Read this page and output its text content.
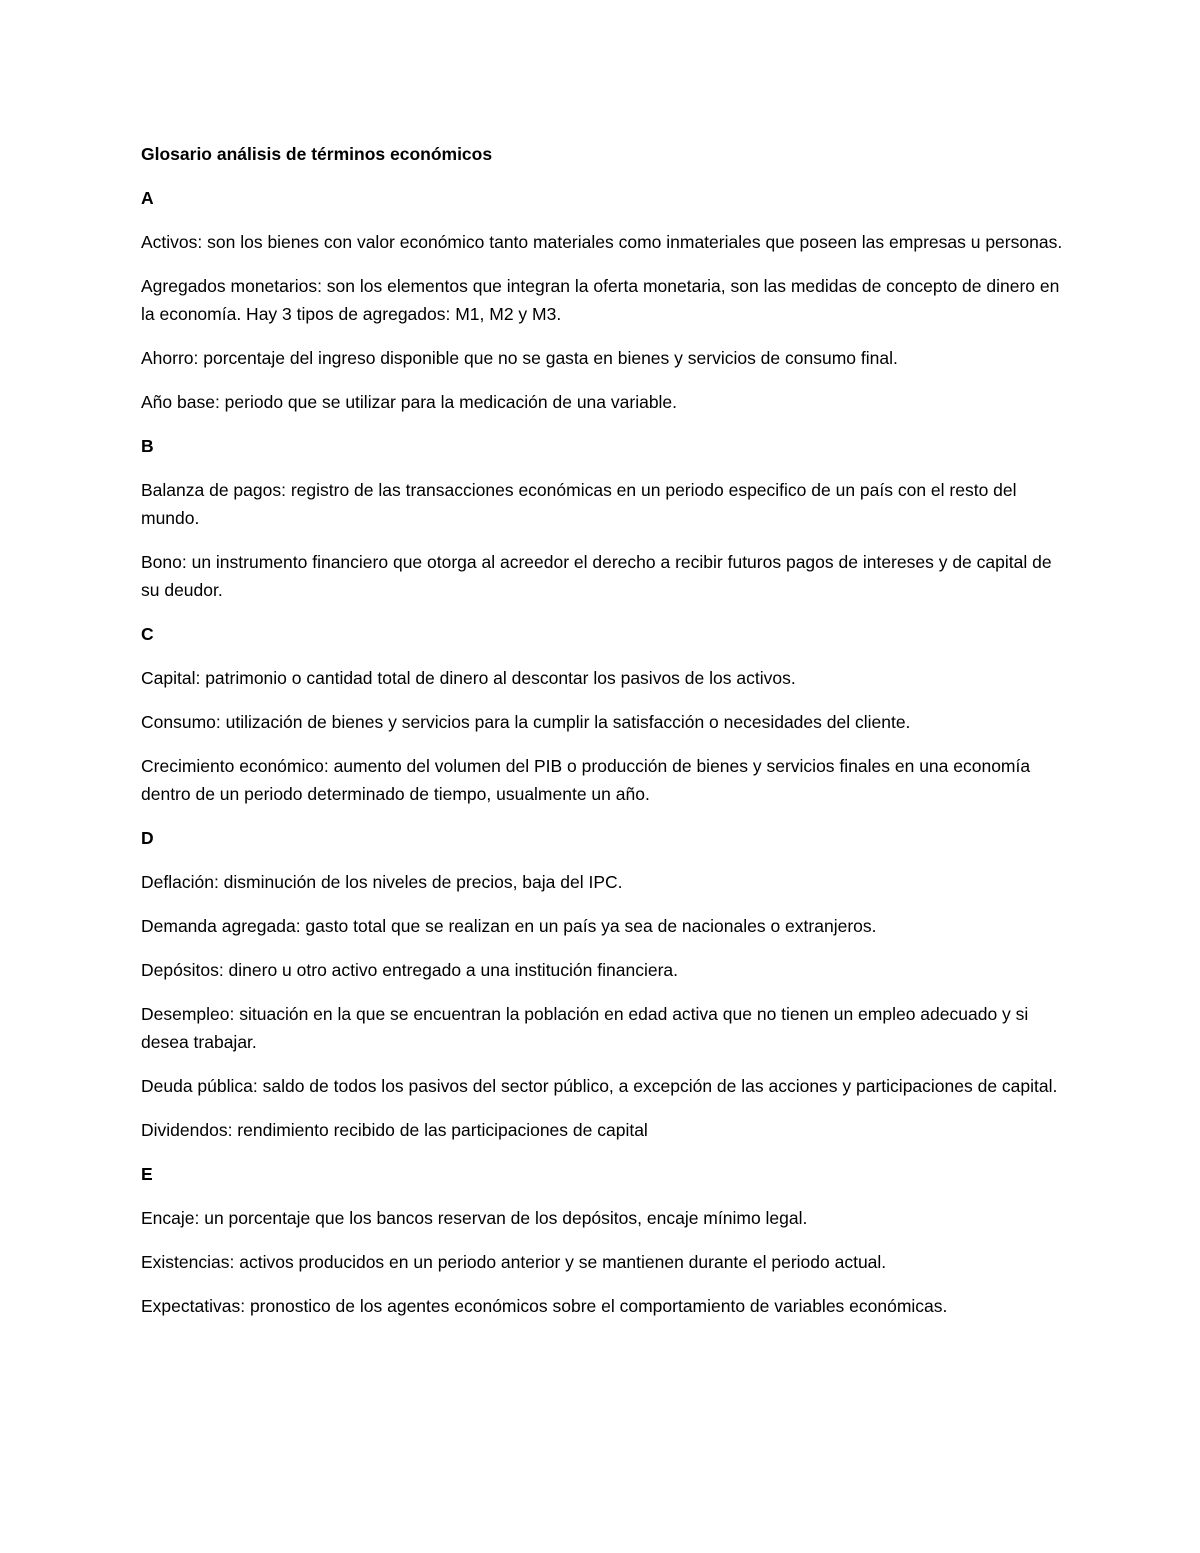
Glosario análisis de términos económicos

A

Activos: son los bienes con valor económico tanto materiales como inmateriales que poseen las empresas u personas.

Agregados monetarios: son los elementos que integran la oferta monetaria, son las medidas de concepto de dinero en la economía. Hay 3 tipos de agregados: M1, M2 y M3.

Ahorro: porcentaje del ingreso disponible que no se gasta en bienes y servicios de consumo final.

Año base: periodo que se utilizar para la medicación de una variable.

B

Balanza de pagos: registro de las transacciones económicas en un periodo especifico de un país con el resto del mundo.

Bono: un instrumento financiero que otorga al acreedor el derecho a recibir futuros pagos de intereses y de capital de su deudor.

C

Capital: patrimonio o cantidad total de dinero al descontar los pasivos de los activos.

Consumo: utilización de bienes y servicios para la cumplir la satisfacción o necesidades del cliente.

Crecimiento económico: aumento del volumen del PIB o producción de bienes y servicios finales en una economía dentro de un periodo determinado de tiempo, usualmente un año.

D

Deflación: disminución de los niveles de precios, baja del IPC.

Demanda agregada: gasto total que se realizan en un país ya sea de nacionales o extranjeros.

Depósitos: dinero u otro activo entregado a una institución financiera.

Desempleo: situación en la que se encuentran la población en edad activa que no tienen un empleo adecuado y si desea trabajar.

Deuda pública: saldo de todos los pasivos del sector público, a excepción de las acciones y participaciones de capital.

Dividendos: rendimiento recibido de las participaciones de capital

E

Encaje: un porcentaje que los bancos reservan de los depósitos, encaje mínimo legal.

Existencias: activos producidos en un periodo anterior y se mantienen durante el periodo actual.

Expectativas: pronostico de los agentes económicos sobre el comportamiento de variables económicas.
